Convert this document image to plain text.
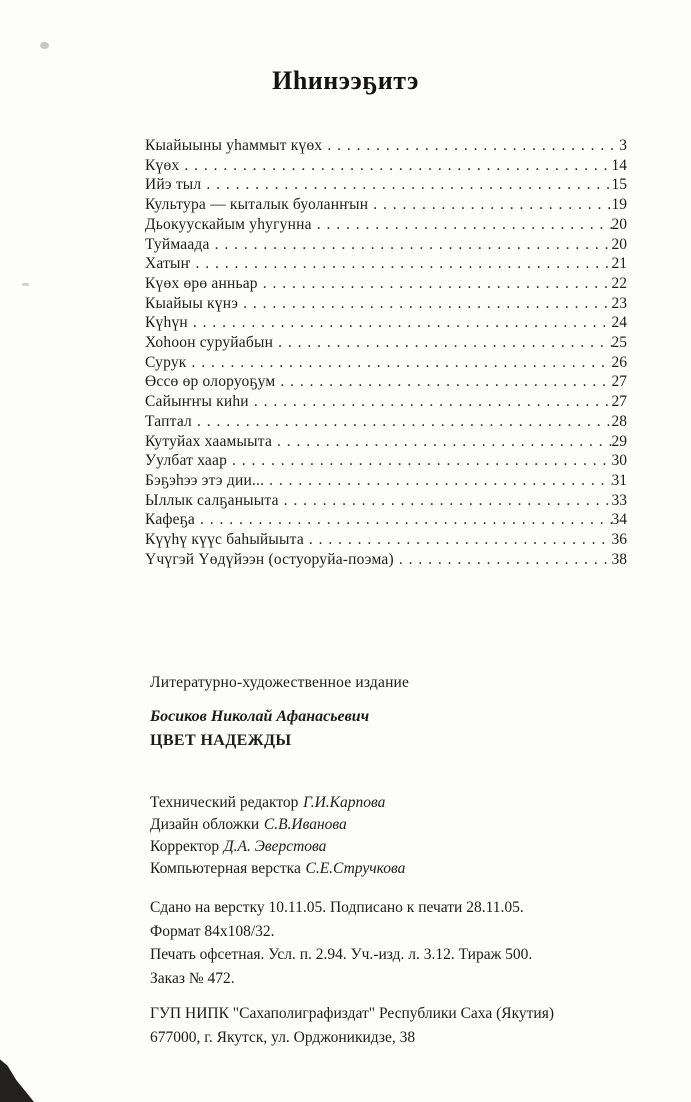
Иһинээҕитэ
Кыайыыны уһаммыт күөх . . .	3
Күөх . . .	14
Ийэ тыл . . .	15
Культура — кыталык буоланҥын . . .	19
Дьокуускайым уһугунна . . .	20
Туймаада . . .	20
Хатыҥ . . .	21
Күөх өрө анньар . . .	22
Кыайыы күнэ . . .	23
Күһүн . . .	24
Хоһоон суруйабын . . .	25
Сурук . . .	26
Өссө өр олоруоҕум . . .	27
Сайыҥҥы киһи . . .	27
Таптал . . .	28
Кутуйах хаамыыта . . .	29
Уулбат хаар . . .	30
Бэҕэһээ этэ дии... . . .	31
Ыллык салҕаныыта . . .	33
Кафеҕа . . .	34
Күүһү күүс баһыйыыта . . .	36
Үчүгэй Үөдүйээн (остуоруйа-поэма) . . .	38
Литературно-художественное издание
Босиков Николай Афанасьевич
ЦВЕТ НАДЕЖДЫ
Технический редактор Г.И.Карпова
Дизайн обложки С.В.Иванова
Корректор Д.А. Эверстова
Компьютерная верстка С.Е.Стручкова
Сдано на верстку 10.11.05. Подписано к печати 28.11.05.
Формат 84х108/32.
Печать офсетная. Усл. п. 2.94. Уч.-изд. л. 3.12. Тираж 500.
Заказ № 472.
ГУП НИПК "Сахаполиграфиздат" Республики Саха (Якутия)
677000, г. Якутск, ул. Орджоникидзе, 38
